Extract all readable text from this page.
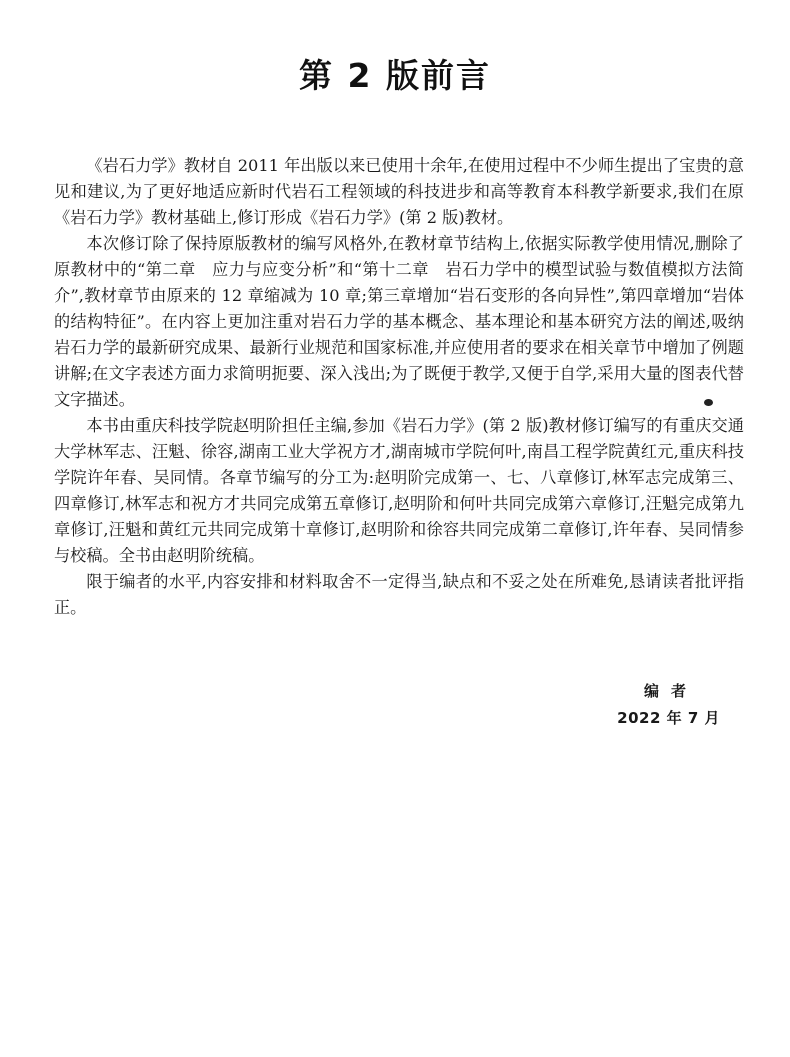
第 2 版前言

《岩石力学》教材自 2011 年出版以来已使用十余年,在使用过程中不少师生提出了宝贵的意见和建议,为了更好地适应新时代岩石工程领域的科技进步和高等教育本科教学新要求,我们在原《岩石力学》教材基础上,修订形成《岩石力学》(第 2 版)教材。

本次修订除了保持原版教材的编写风格外,在教材章节结构上,依据实际教学使用情况,删除了原教材中的“第二章　应力与应变分析”和“第十二章　岩石力学中的模型试验与数值模拟方法简介”,教材章节由原来的 12 章缩减为 10 章;第三章增加“岩石变形的各向异性”,第四章增加“岩体的结构特征”。在内容上更加注重对岩石力学的基本概念、基本理论和基本研究方法的阐述,吸纳岩石力学的最新研究成果、最新行业规范和国家标准,并应使用者的要求在相关章节中增加了例题讲解;在文字表述方面力求简明扼要、深入浅出;为了既便于教学,又便于自学,采用大量的图表代替文字描述。

本书由重庆科技学院赵明阶担任主编,参加《岩石力学》(第 2 版)教材修订编写的有重庆交通大学林军志、汪魁、徐容,湖南工业大学祝方才,湖南城市学院何叶,南昌工程学院黄红元,重庆科技学院许年春、吴同情。各章节编写的分工为:赵明阶完成第一、七、八章修订,林军志完成第三、四章修订,林军志和祝方才共同完成第五章修订,赵明阶和何叶共同完成第六章修订,汪魁完成第九章修订,汪魁和黄红元共同完成第十章修订,赵明阶和徐容共同完成第二章修订,许年春、吴同情参与校稿。全书由赵明阶统稿。

限于编者的水平,内容安排和材料取舍不一定得当,缺点和不妥之处在所难免,恳请读者批评指正。

编者
2022 年 7 月
